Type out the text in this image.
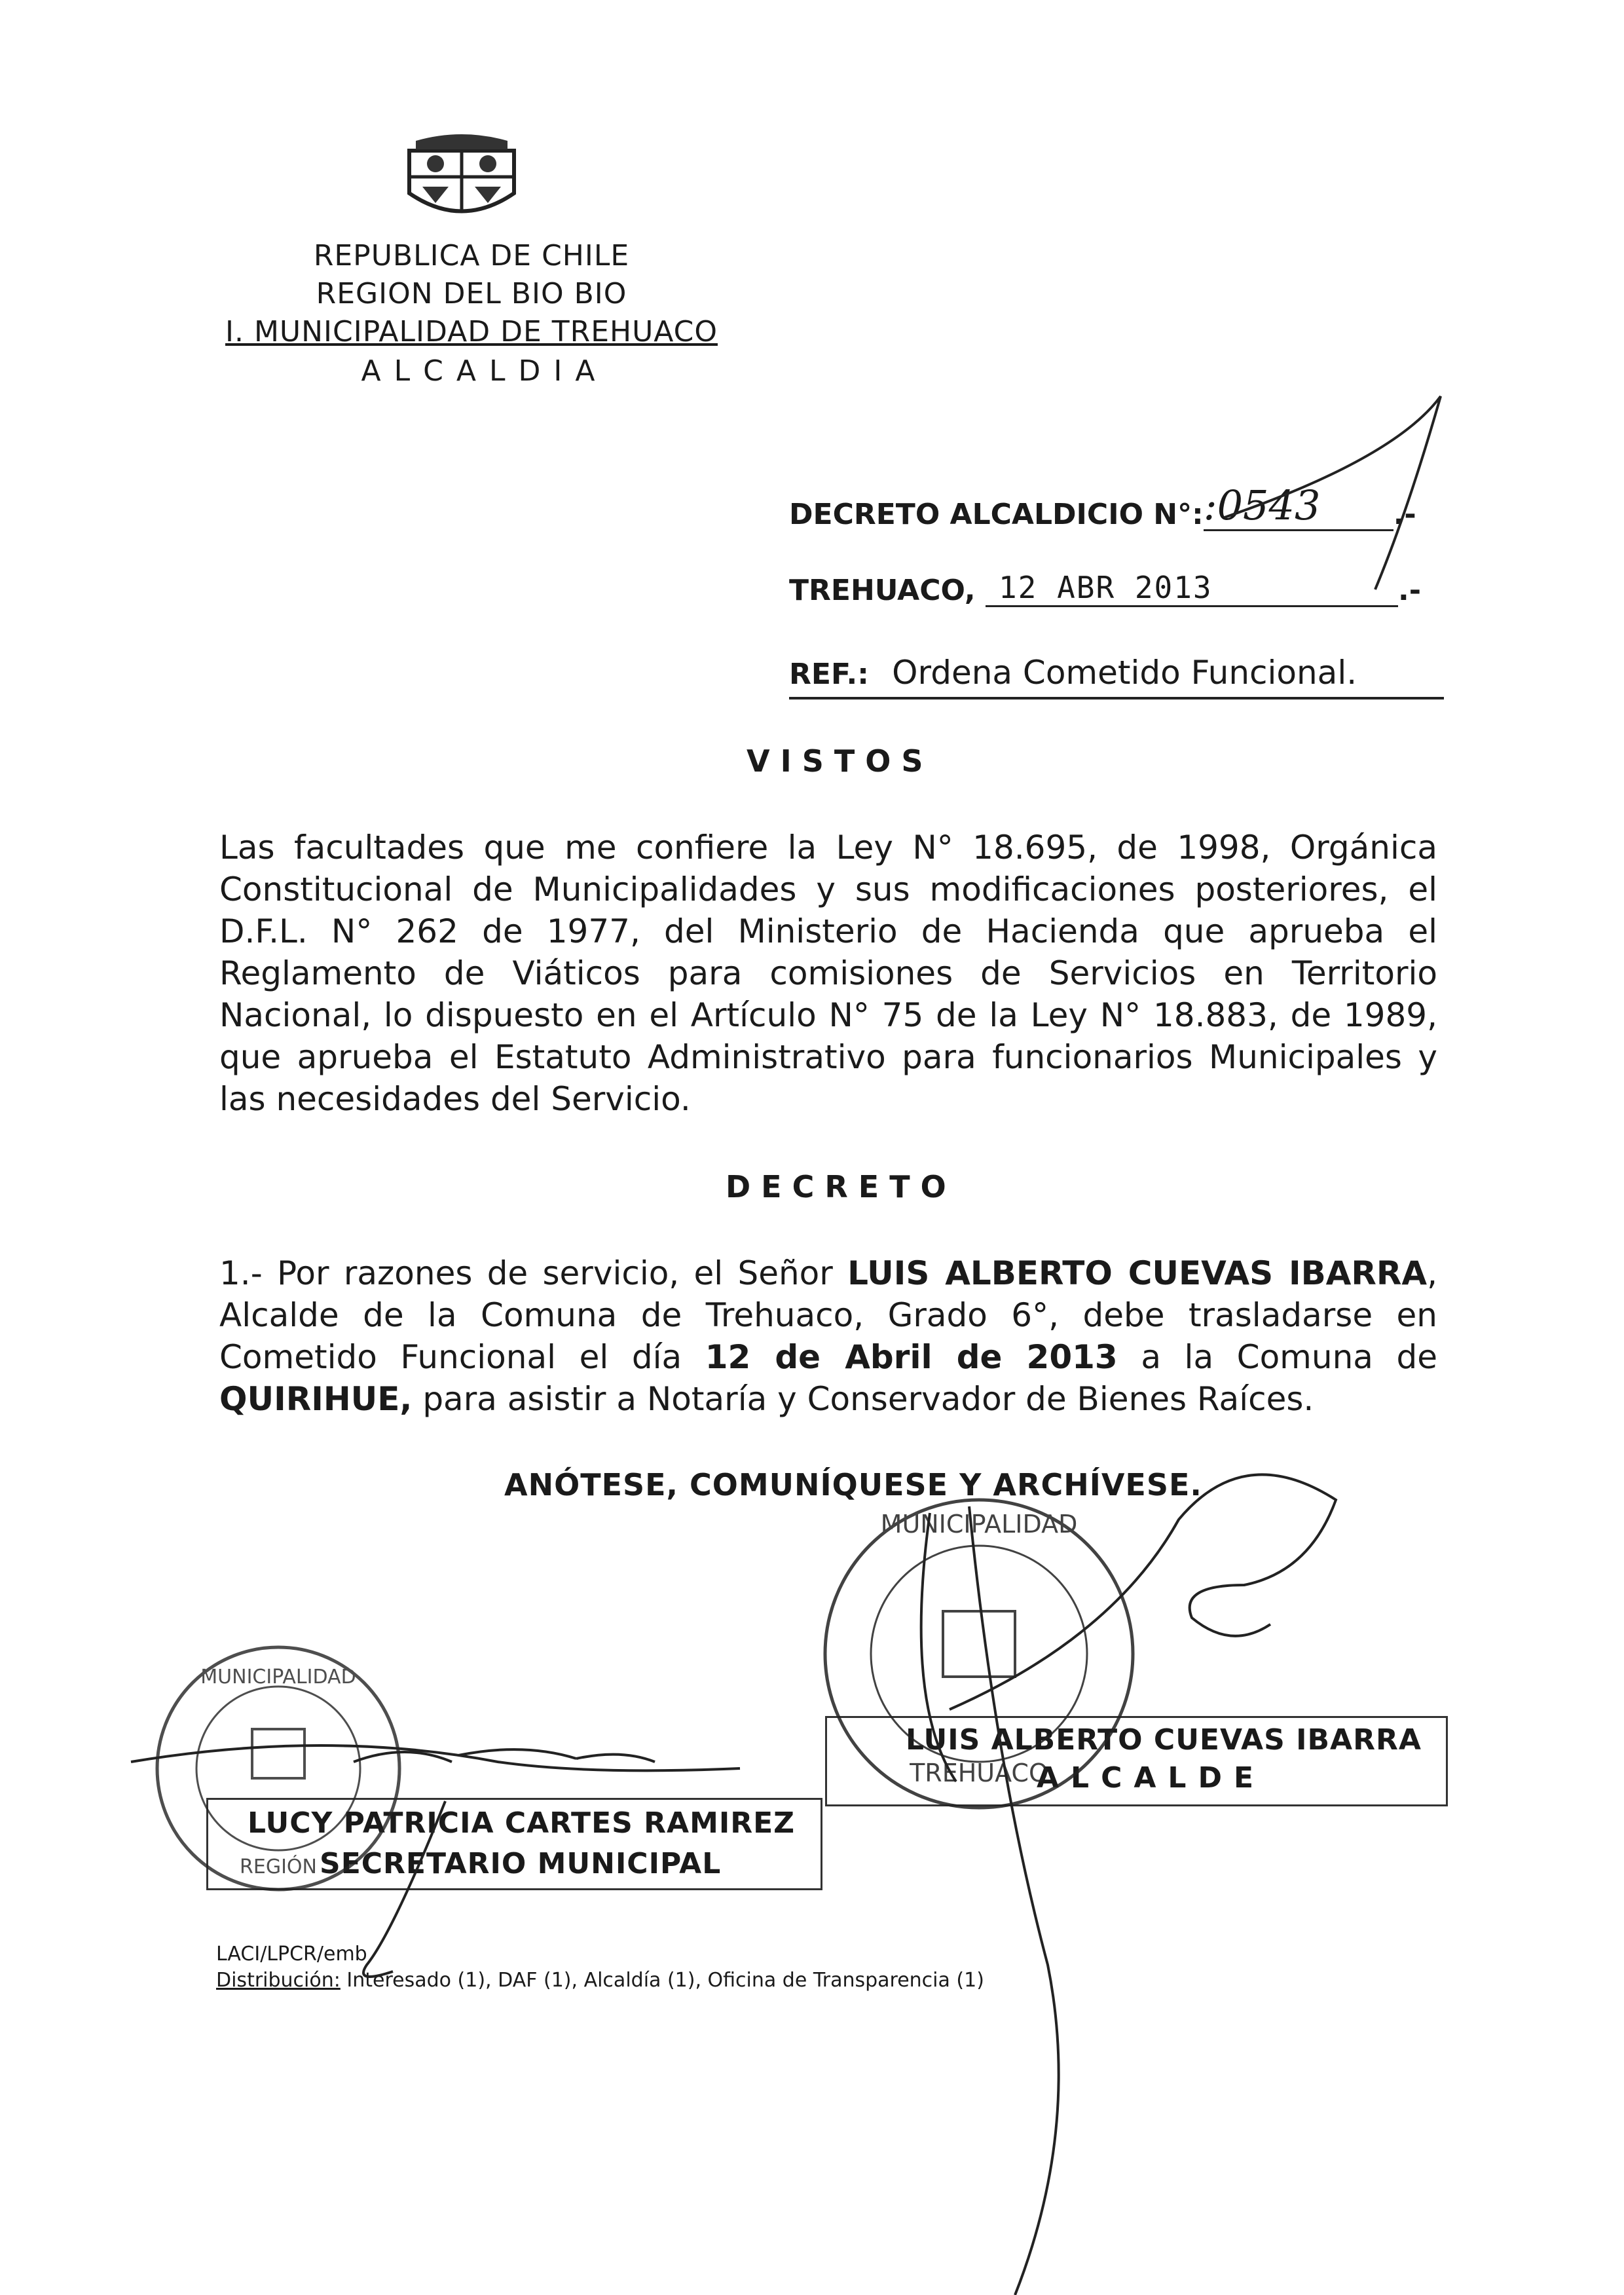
REPUBLICA DE CHILE
REGION DEL BIO BIO
I. MUNICIPALIDAD DE TREHUACO
ALCALDIA
DECRETO ALCALDICIO N°::0543	.-
TREHUACO, 12 ABR 2013	.-
REF.: Ordena Cometido Funcional.
VISTOS
Las facultades que me confiere la Ley N° 18.695, de 1998, Orgánica Constitucional de Municipalidades y sus modificaciones posteriores, el D.F.L. N° 262 de 1977, del Ministerio de Hacienda que aprueba el Reglamento de Viáticos para comisiones de Servicios en Territorio Nacional, lo dispuesto en el Artículo N° 75 de la Ley N° 18.883, de 1989, que aprueba el Estatuto Administrativo para funcionarios Municipales y las necesidades del Servicio.
DECRETO
1.- Por razones de servicio, el Señor LUIS ALBERTO CUEVAS IBARRA, Alcalde de la Comuna de Trehuaco, Grado 6°, debe trasladarse en Cometido Funcional el día 12 de Abril de 2013 a la Comuna de QUIRIHUE, para asistir a Notaría y Conservador de Bienes Raíces.
ANÓTESE, COMUNÍQUESE Y ARCHÍVESE.
LUIS ALBERTO CUEVAS IBARRA
ALCALDE
LUCY PATRICIA CARTES RAMIREZ
SECRETARIO MUNICIPAL
LACI/LPCR/emb
Distribución: Interesado (1), DAF (1), Alcaldía (1), Oficina de Transparencia (1)
MUNICIPALIDAD
TREHUACO
MUNICIPALIDAD
REGIÓN
